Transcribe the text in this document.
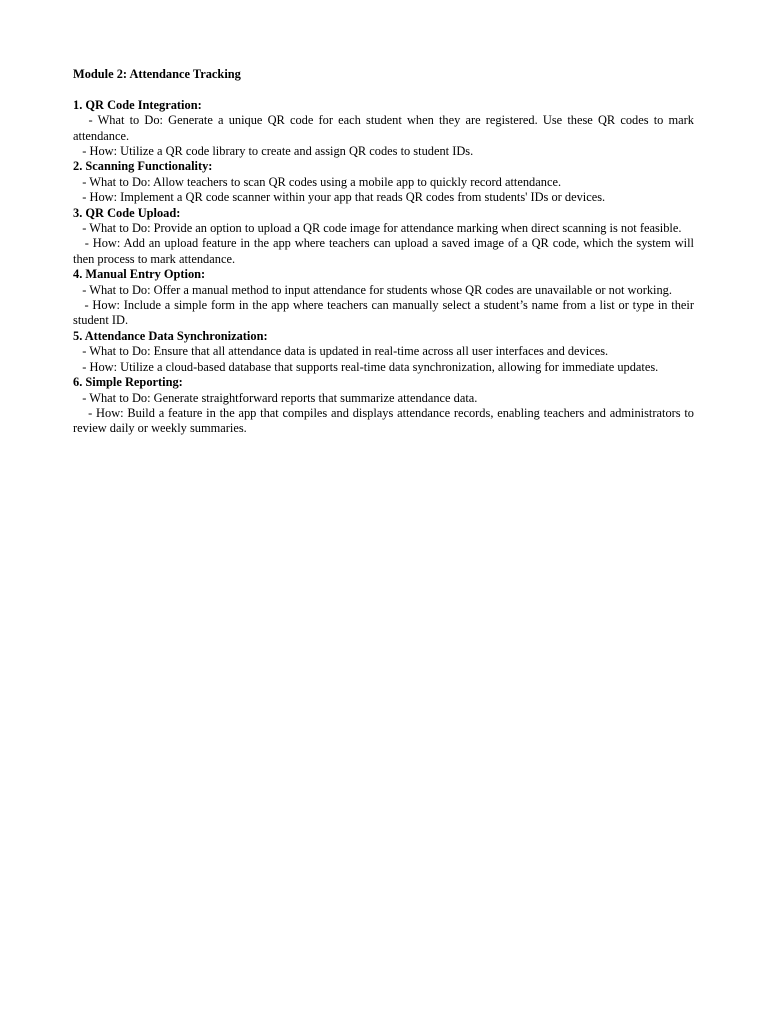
Module 2: Attendance Tracking

1. QR Code Integration:

- What to Do: Generate a unique QR code for each student when they are registered. Use these QR codes to mark attendance.

- How: Utilize a QR code library to create and assign QR codes to student IDs.

2. Scanning Functionality:

- What to Do: Allow teachers to scan QR codes using a mobile app to quickly record attendance.

- How: Implement a QR code scanner within your app that reads QR codes from students' IDs or devices.

3. QR Code Upload:

- What to Do: Provide an option to upload a QR code image for attendance marking when direct scanning is not feasible.

- How: Add an upload feature in the app where teachers can upload a saved image of a QR code, which the system will then process to mark attendance.

4. Manual Entry Option:

- What to Do: Offer a manual method to input attendance for students whose QR codes are unavailable or not working.

- How: Include a simple form in the app where teachers can manually select a student’s name from a list or type in their student ID.

5. Attendance Data Synchronization:

- What to Do: Ensure that all attendance data is updated in real-time across all user interfaces and devices.

- How: Utilize a cloud-based database that supports real-time data synchronization, allowing for immediate updates.

6. Simple Reporting:

- What to Do: Generate straightforward reports that summarize attendance data.

- How: Build a feature in the app that compiles and displays attendance records, enabling teachers and administrators to review daily or weekly summaries.
